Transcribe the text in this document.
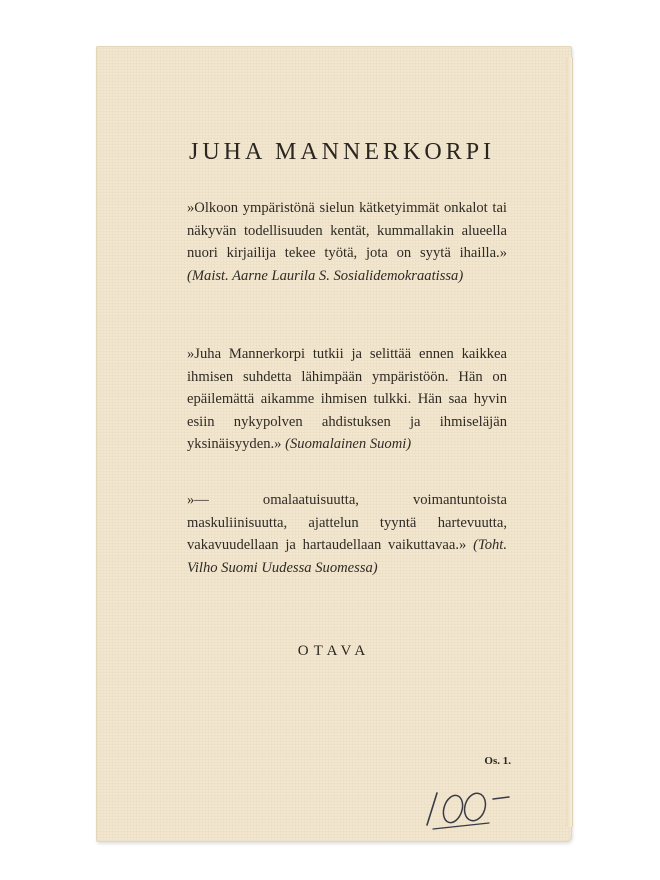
JUHA MANNERKORPI
»Olkoon ympäristönä sielun kätketyimmät onkalot tai näkyvän todellisuuden kentät, kummallakin alueella nuori kirjailija tekee työtä, jota on syytä ihailla.» (Maist. Aarne Laurila S. Sosialidemokraatissa)
»Juha Mannerkorpi tutkii ja selittää ennen kaikkea ihmisen suhdetta lähimpään ympäristöön. Hän on epäilemättä aikamme ihmisen tulkki. Hän saa hyvin esiin nykypolven ahdistuksen ja ihmiseläjän yksinäisyyden.» (Suomalainen Suomi)
»— omalaatuisuutta, voimantuntoista maskuliinisuutta, ajattelun tyyntä hartevuutta, vakavuudellaan ja hartaudellaan vaikuttavaa.» (Toht. Vilho Suomi Uudessa Suomessa)
OTAVA
Os. 1.
